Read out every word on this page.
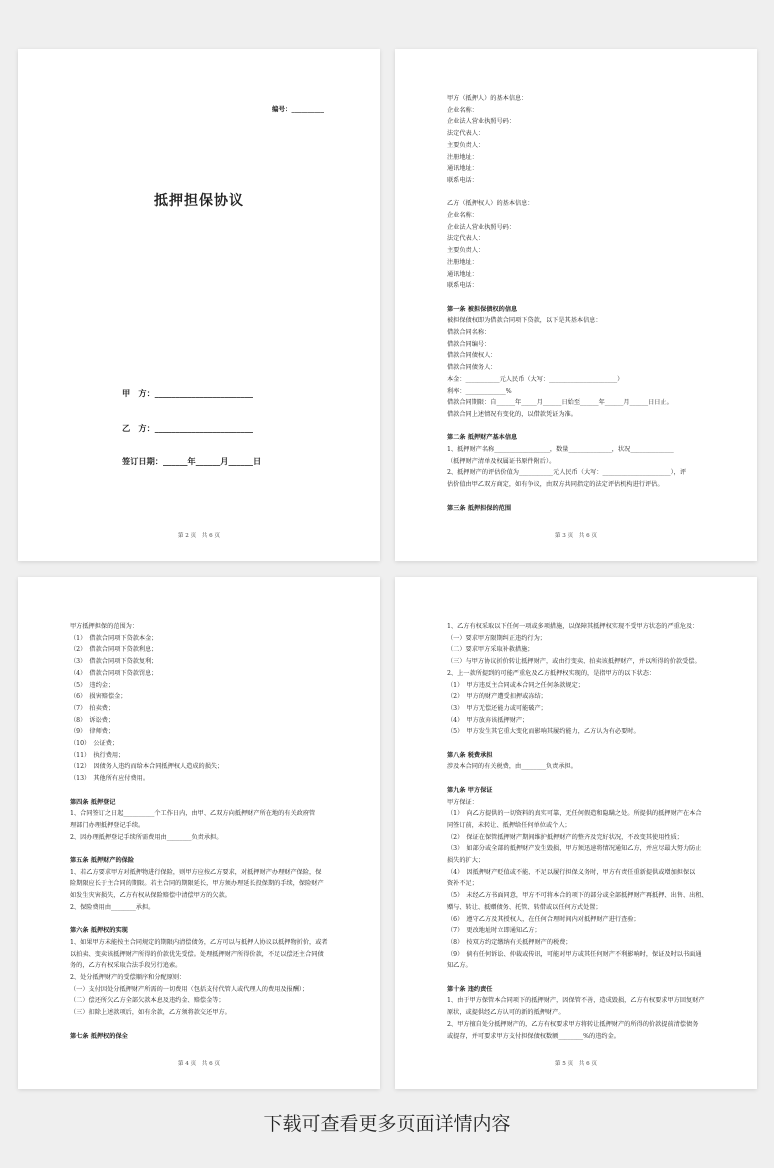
编号：__________
抵押担保协议
甲　方：________________________
乙　方：________________________
签订日期：______年______月______日
第 2 页　共 6 页
甲方（抵押人）的基本信息：
企业名称：
企业法人营业执照号码：
法定代表人：
主要负责人：
注册地址：
通讯地址：
联系电话：
乙方（抵押权人）的基本信息：
企业名称：
企业法人营业执照号码：
法定代表人：
主要负责人：
注册地址：
通讯地址：
联系电话：
第一条 被担保债权的信息
被担保债权即为借款合同项下贷款，以下是其基本信息：
借款合同名称：
借款合同编号：
借款合同债权人：
借款合同债务人：
本金：___________元人民币（大写：______________________）
利率：_____________%
借款合同期限：自______年_____月______日始至______年______月______日日止。
借款合同上述情况有变化的，以借款凭证为准。
第二条 抵押财产基本信息
1、抵押财产名称__________________，数量______________，状况______________
（抵押财产清单及权属证书原件附后）。
2、抵押财产的评估价值为___________元人民币（大写：______________________），评
估价值由甲乙双方商定，如有争议，由双方共同指定的法定评估机构进行评估。
第三条 抵押担保的范围
第 3 页　共 6 页
甲方抵押担保的范围为：
（1）　借款合同项下贷款本金；
（2）　借款合同项下贷款利息；
（3）　借款合同项下贷款复利；
（4）　借款合同项下贷款罚息；
（5）　违约金；
（6）　损害赔偿金；
（7）　拍卖费；
（8）　诉讼费；
（9）　律师费；
（10）　公证费；
（11）　执行费用；
（12）　因债务人违约而给本合同抵押权人造成的损失；
（13）　其他所有应付费用。
第四条 抵押登记
1、合同签订之日起__________个工作日内，由甲、乙双方向抵押财产所在地的有关政府管
理部门办理抵押登记手续。
2、因办理抵押登记手续所需费用由________负责承担。
第五条 抵押财产的保险
1、若乙方要求甲方对抵押物进行保险，则甲方应按乙方要求，对抵押财产办理财产保险，保
险期限应长于主合同的期限。若主合同的期限延长，甲方须办理延长投保期的手续，保险财产
如发生灾害损失，乙方有权从保险赔偿中清偿甲方的欠款。
2、保险费用由________承担。
第六条 抵押权的实现
1、如果甲方未能按主合同规定的期限内清偿债务，乙方可以与抵押人协议以抵押物折价，或者
以拍卖、变卖该抵押财产所得的价款优先受偿。处理抵押财产所得价款，不足以偿还主合同债
务的，乙方有权采取合法手段另行追索。
2、处分抵押财产的受偿顺序和分配原则：
（一）支付因处分抵押财产所需的一切费用（包括支付代管人或代理人的费用及报酬）；
（二）偿还所欠乙方全部欠款本息及违约金、赔偿金等；
（三）扣除上述款项后，如有余款，乙方须将款交还甲方。
第七条 抵押权的保全
第 4 页　共 6 页
1、乙方有权采取以下任何一项或多项措施，以保障其抵押权实现不受甲方状态的严重危及：
（一）要求甲方限期纠正违约行为；
（二）要求甲方采取补救措施；
（三）与甲方协议折价转让抵押财产，或由行变卖、拍卖该抵押财产，并以所得的价款受偿。
2、上一款所提到的可能严重危及乙方抵押权实现的，是指甲方的以下状态：
（1）　甲方违反主合同或本合同之任何条款规定；
（2）　甲方的财产遭受扣押或冻结；
（3）　甲方无偿还能力或可能破产；
（4）　甲方放弃该抵押财产；
（5）　甲方发生其它重大变化而影响其履约能力，乙方认为有必要时。
第八条 税费承担
涉及本合同的有关税费，由________负责承担。
第九条 甲方保证
甲方保证：
（1）　向乙方提供的一切资料的真实可靠，无任何假造和隐瞒之处。所提供的抵押财产在本合
同签订前，未转让、抵押给任何单位或个人；
（2）　保证在保管抵押财产期间维护抵押财产的整齐及完好状况，不改变其使用性质；
（3）　如部分或全部的抵押财产发生毁损，甲方须迅速将情况通知乙方，并应尽最大努力防止
损失的扩大；
（4）　因抵押财产贬值或不能、不足以履行担保义务时，甲方有责任重新提供或增加担保以
资补不足；
（5）　未经乙方书面同意，甲方不可将本合的项下的部分或全部抵押财产再抵押、出售、出租、
赠与、转让、抵赠债务、托管、转借或以任何方式处置；
（6）　遵守乙方及其授权人，在任何合理时间内对抵押财产进行查验；
（7）　更改地址时立即通知乙方；
（8）　按双方约定缴纳有关抵押财产的税费；
（9）　倘有任何诉讼、仲裁或传讯，可能对甲方或其任何财产不利影响时，保证及时以书面通
知乙方。
第十条 违约责任
1、由于甲方保管本合同项下的抵押财产，因保管不善，造成毁损，乙方有权要求甲方回复财产
原状，或提供经乙方认可的新的抵押财产。
2、甲方擅自处分抵押财产的，乙方有权要求甲方将转让抵押财产的所得的价款提前清偿债务
或提存，并可要求甲方支付担保债权数额________%的违约金。
第 5 页　共 6 页
下载可查看更多页面详情内容
